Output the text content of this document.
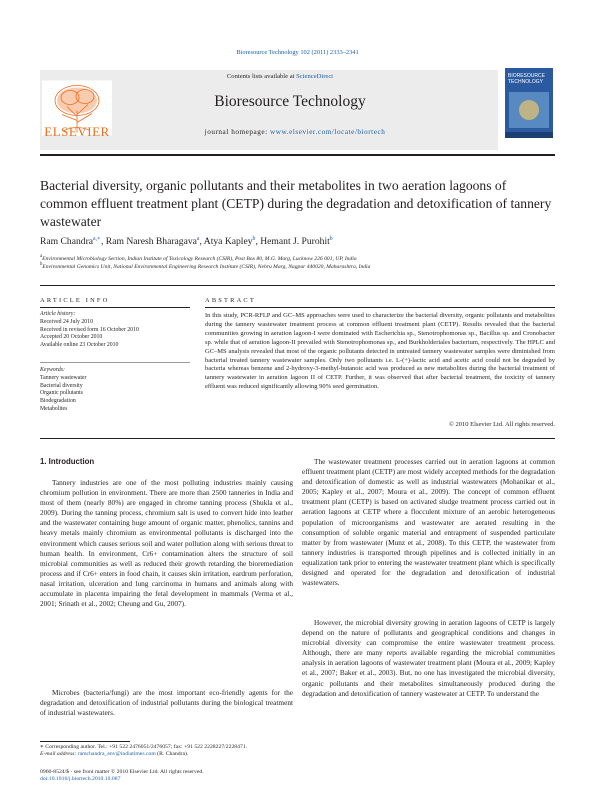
Bioresource Technology 102 (2011) 2333–2341
Contents lists available at ScienceDirect
Bioresource Technology
journal homepage: www.elsevier.com/locate/biortech
ELSEVIER
BIORESOURCE TECHNOLOGY
Bacterial diversity, organic pollutants and their metabolites in two aeration lagoons of common effluent treatment plant (CETP) during the degradation and detoxification of tannery wastewater
Ram Chandra$^{a,∗}$, Ram Naresh Bharagava$^a$, Atya Kapley$^b$, Hemant J. Purohit$^b$
$^a$Environmental Microbiology Section, Indian Institute of Toxicology Research (CSIR), Post Box 80, M.G. Marg, Lucknow 226 001, UP, India
$^b$Environmental Genomics Unit, National Environmental Engineering Research Institute (CSIR), Nehru Marg, Nagpur 440020, Maharashtra, India
ARTICLE INFO	ABSTRACT
Article history:
Received 24 July 2010
Received in revised form 16 October 2010
Accepted 20 October 2010
Available online 23 October 2010
Keywords:
Tannery wastewater
Bacterial diversity
Organic pollutants
Biodegradation
Metabolites
In this study, PCR-RFLP and GC–MS approaches were used to characterize the bacterial diversity, organic pollutants and metabolites during the tannery wastewater treatment process at common effluent treatment plant (CETP). Results revealed that the bacterial communities growing in aeration lagoon-I were dominated with Escherichia sp., Stenotrophomonas sp., Bacillus sp. and Cronobacter sp. while that of aeration lagoon-II prevailed with Stenotrophomonas sp., and Burkholderiales bacterium, respectively. The HPLC and GC–MS analysis revealed that most of the organic pollutants detected in untreated tannery wastewater samples were diminished from bacterial treated tannery wastewater samples. Only two pollutants i.e. L-(+)-lactic acid and acetic acid could not be degraded by bacteria whereas benzene and 2-hydroxy-3-methyl-butanoic acid was produced as new metabolites during the bacterial treatment of tannery wastewater in aeration lagoon II of CETP. Further, it was observed that after bacterial treatment, the toxicity of tannery effluent was reduced significantly allowing 90% seed germination.
© 2010 Elsevier Ltd. All rights reserved.
1. Introduction
Tannery industries are one of the most polluting industries mainly causing chromium pollution in environment. There are more than 2500 tanneries in India and most of them (nearly 80%) are engaged in chrome tanning process (Shukla et al., 2009). During the tanning process, chromium salt is used to convert hide into leather and the wastewater containing huge amount of organic matter, phenolics, tannins and heavy metals mainly chromium as environmental pollutants is discharged into the environment which causes serious soil and water pollution along with serious threat to human health. In environment, Cr6+ contamination alters the structure of soil microbial communities as well as reduced their growth retarding the bioremediation process and if Cr6+ enters in food chain, it causes skin irritation, eardrum perforation, nasal irritation, ulceration and lung carcinoma in humans and animals along with accumulate in placenta impairing the fetal development in mammals (Verma et al., 2001; Srinath et al., 2002; Cheung and Gu, 2007).
Microbes (bacteria/fungi) are the most important eco-friendly agents for the degradation and detoxification of industrial pollutants during the biological treatment of industrial wastewaters.
The wastewater treatment processes carried out in aeration lagoons at common effluent treatment plant (CETP) are most widely accepted methods for the degradation and detoxification of domestic as well as industrial wastewaters (Mohanikar et al., 2005; Kapley et al., 2007; Moura et al., 2009). The concept of common effluent treatment plant (CETP) is based on activated sludge treatment process carried out in aeration lagoons at CETP where a flocculent mixture of an aerobic heterogeneous population of microorganisms and wastewater are aerated resulting in the consumption of soluble organic material and entrapment of suspended particulate matter by from wastewater (Munz et al., 2008). To this CETP, the wastewater from tannery industries is transported through pipelines and is collected initially in an equalization tank prior to entering the wastewater treatment plant which is specifically designed and operated for the degradation and detoxification of industrial wastewaters.
However, the microbial diversity growing in aeration lagoons of CETP is largely depend on the nature of pollutants and geographical conditions and changes in microbial diversity can compromise the entire wastewater treatment process. Although, there are many reports available regarding the microbial communities analysis in aeration lagoons of wastewater treatment plant (Moura et al., 2009; Kapley et al., 2007; Baker et al., 2003). But, no one has investigated the microbial diversity, organic pollutants and their metabolites simultaneously produced during the degradation and detoxification of tannery wastewater at CETP. To understand the
∗ Corresponding author. Tel.: +91 522 2476051/2476057; fax: +91 522 2228227/2228471.
E-mail address: ramchandra_env@indiatimes.com (R. Chandra).
0960-8524/$ - see front matter © 2010 Elsevier Ltd. All rights reserved.
doi:10.1016/j.biortech.2010.10.087
